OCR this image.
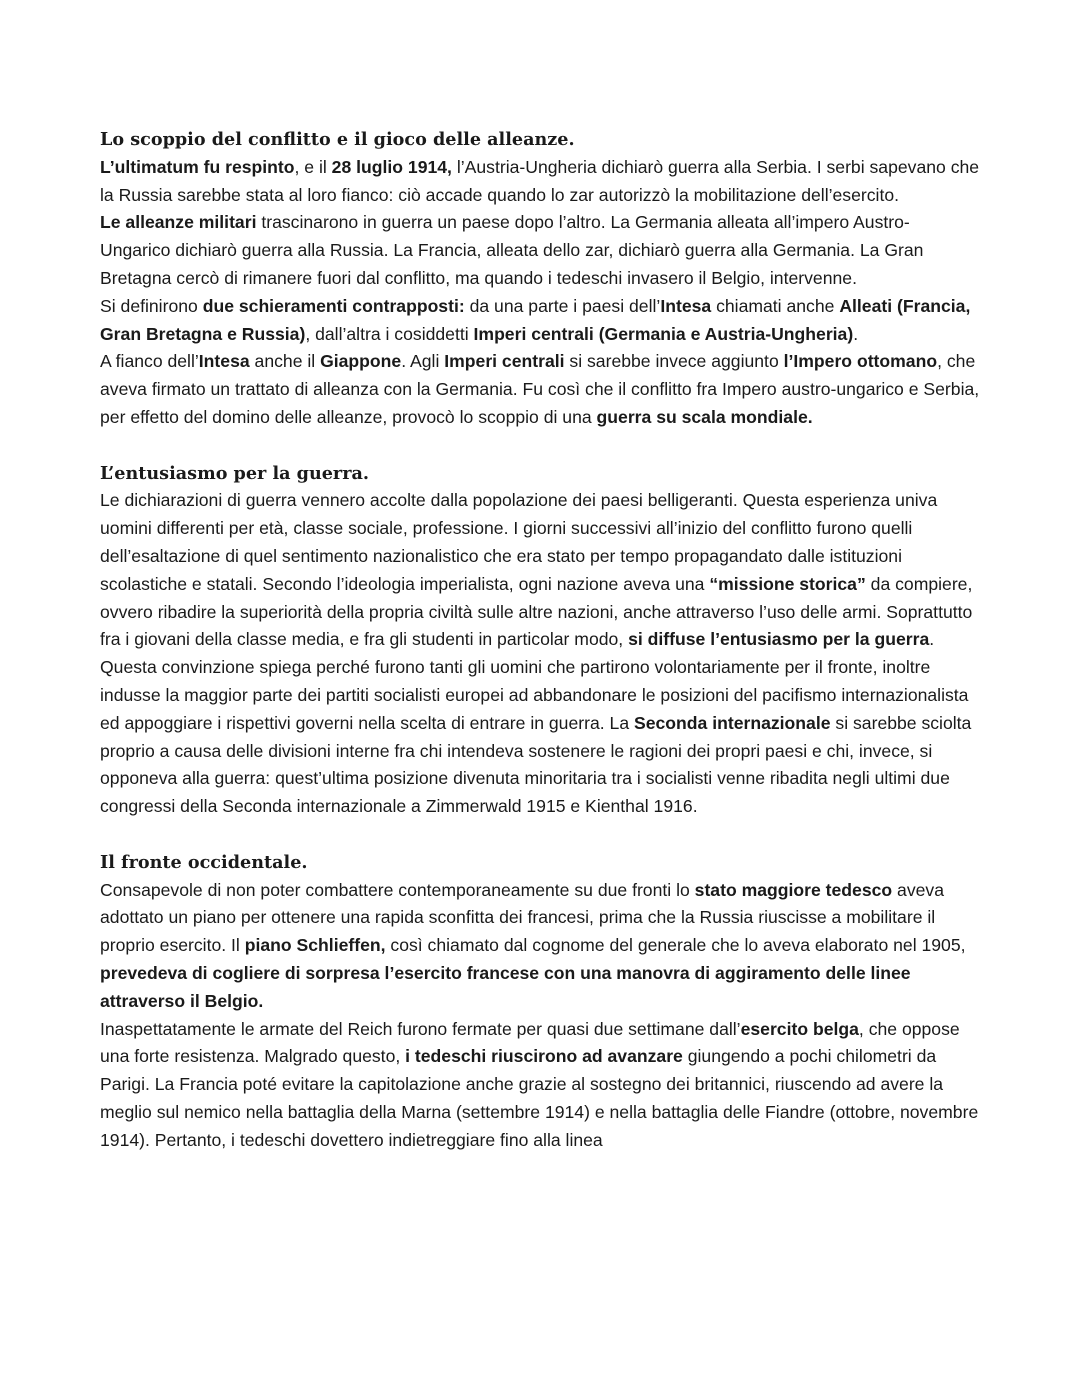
Lo scoppio del conflitto e il gioco delle alleanze.

L’ultimatum fu respinto, e il 28 luglio 1914, l’Austria-Ungheria dichiarò guerra alla Serbia. I serbi sapevano che la Russia sarebbe stata al loro fianco: ciò accade quando lo zar autorizzò la mobilitazione dell’esercito.

Le alleanze militari trascinarono in guerra un paese dopo l’altro. La Germania alleata all’impero Austro-Ungarico dichiarò guerra alla Russia. La Francia, alleata dello zar, dichiarò guerra alla Germania. La Gran Bretagna cercò di rimanere fuori dal conflitto, ma quando i tedeschi invasero il Belgio, intervenne.

Si definirono due schieramenti contrapposti: da una parte i paesi dell’Intesa chiamati anche Alleati (Francia, Gran Bretagna e Russia), dall’altra i cosiddetti Imperi centrali (Germania e Austria-Ungheria).

A fianco dell’Intesa anche il Giappone. Agli Imperi centrali si sarebbe invece aggiunto l’Impero ottomano, che aveva firmato un trattato di alleanza con la Germania. Fu così che il conflitto fra Impero austro-ungarico e Serbia, per effetto del domino delle alleanze, provocò lo scoppio di una guerra su scala mondiale.

L’entusiasmo per la guerra.

Le dichiarazioni di guerra vennero accolte dalla popolazione dei paesi belligeranti. Questa esperienza univa uomini differenti per età, classe sociale, professione. I giorni successivi all’inizio del conflitto furono quelli dell’esaltazione di quel sentimento nazionalistico che era stato per tempo propagandato dalle istituzioni scolastiche e statali. Secondo l’ideologia imperialista, ogni nazione aveva una “missione storica” da compiere, ovvero ribadire la superiorità della propria civiltà sulle altre nazioni, anche attraverso l’uso delle armi. Soprattutto fra i giovani della classe media, e fra gli studenti in particolar modo, si diffuse l’entusiasmo per la guerra. Questa convinzione spiega perché furono tanti gli uomini che partirono volontariamente per il fronte, inoltre indusse la maggior parte dei partiti socialisti europei ad abbandonare le posizioni del pacifismo internazionalista ed appoggiare i rispettivi governi nella scelta di entrare in guerra. La Seconda internazionale si sarebbe sciolta proprio a causa delle divisioni interne fra chi intendeva sostenere le ragioni dei propri paesi e chi, invece, si opponeva alla guerra: quest’ultima posizione divenuta minoritaria tra i socialisti venne ribadita negli ultimi due congressi della Seconda internazionale a Zimmerwald 1915 e Kienthal 1916.

Il fronte occidentale.

Consapevole di non poter combattere contemporaneamente su due fronti lo stato maggiore tedesco aveva adottato un piano per ottenere una rapida sconfitta dei francesi, prima che la Russia riuscisse a mobilitare il proprio esercito. Il piano Schlieffen, così chiamato dal cognome del generale che lo aveva elaborato nel 1905, prevedeva di cogliere di sorpresa l’esercito francese con una manovra di aggiramento delle linee attraverso il Belgio.

Inaspettatamente le armate del Reich furono fermate per quasi due settimane dall’esercito belga, che oppose una forte resistenza. Malgrado questo, i tedeschi riuscirono ad avanzare giungendo a pochi chilometri da Parigi. La Francia poté evitare la capitolazione anche grazie al sostegno dei britannici, riuscendo ad avere la meglio sul nemico nella battaglia della Marna (settembre 1914) e nella battaglia delle Fiandre (ottobre, novembre 1914). Pertanto, i tedeschi dovettero indietreggiare fino alla linea
